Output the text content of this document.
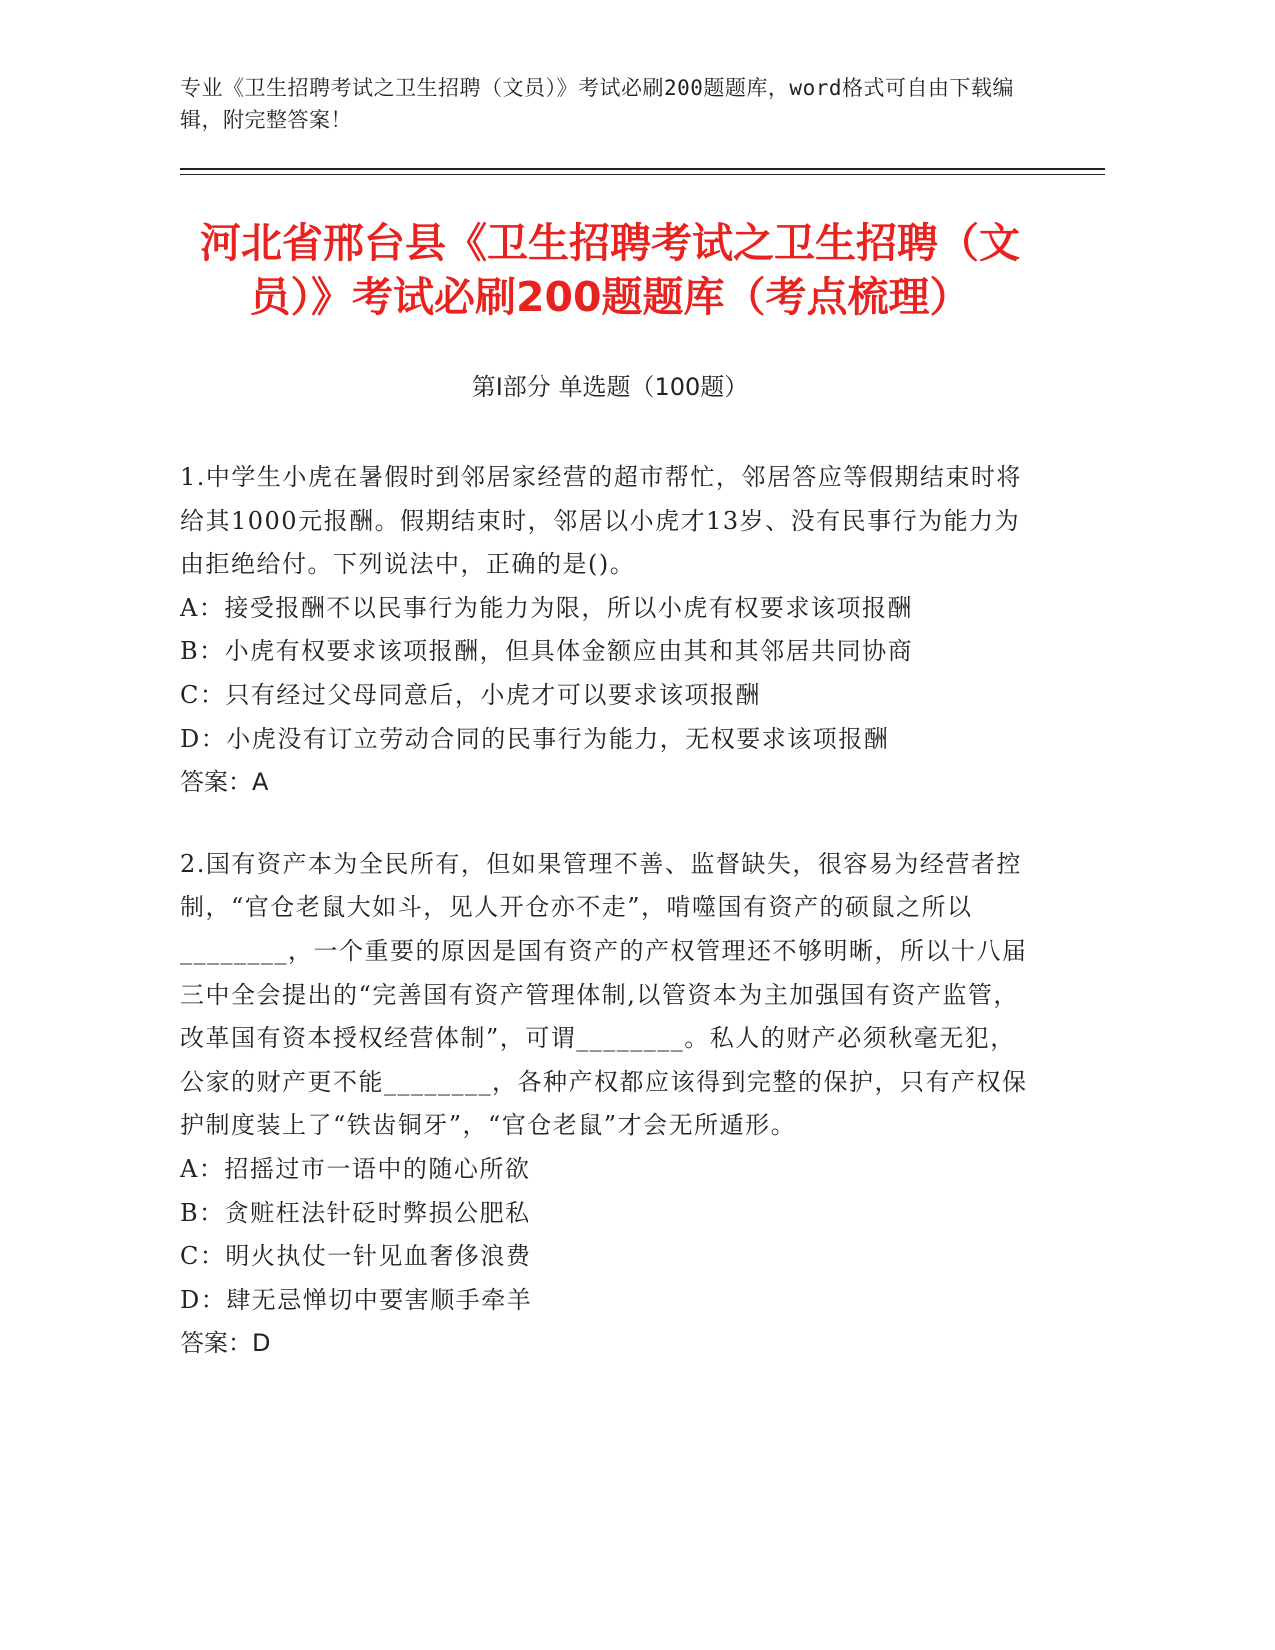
专业《卫生招聘考试之卫生招聘（文员）》考试必刷200题题库，word格式可自由下载编辑，附完整答案！
河北省邢台县《卫生招聘考试之卫生招聘（文员）》考试必刷200题题库（考点梳理）
第Ⅰ部分 单选题（100题）

1.中学生小虎在暑假时到邻居家经营的超市帮忙，邻居答应等假期结束时将给其1000元报酬。假期结束时，邻居以小虎才13岁、没有民事行为能力为由拒绝给付。下列说法中，正确的是()。

A：接受报酬不以民事行为能力为限，所以小虎有权要求该项报酬

B：小虎有权要求该项报酬，但具体金额应由其和其邻居共同协商

C：只有经过父母同意后，小虎才可以要求该项报酬

D：小虎没有订立劳动合同的民事行为能力，无权要求该项报酬

答案：A

2.国有资产本为全民所有，但如果管理不善、监督缺失，很容易为经营者控制，“官仓老鼠大如斗，见人开仓亦不走”，啃噬国有资产的硕鼠之所以________，一个重要的原因是国有资产的产权管理还不够明晰，所以十八届三中全会提出的“完善国有资产管理体制,以管资本为主加强国有资产监管，改革国有资本授权经营体制”，可谓________。私人的财产必须秋毫无犯，公家的财产更不能________，各种产权都应该得到完整的保护，只有产权保护制度装上了“铁齿铜牙”，“官仓老鼠”才会无所遁形。

A：招摇过市一语中的随心所欲

B：贪赃枉法针砭时弊损公肥私

C：明火执仗一针见血奢侈浪费

D：肆无忌惮切中要害顺手牵羊

答案：D
